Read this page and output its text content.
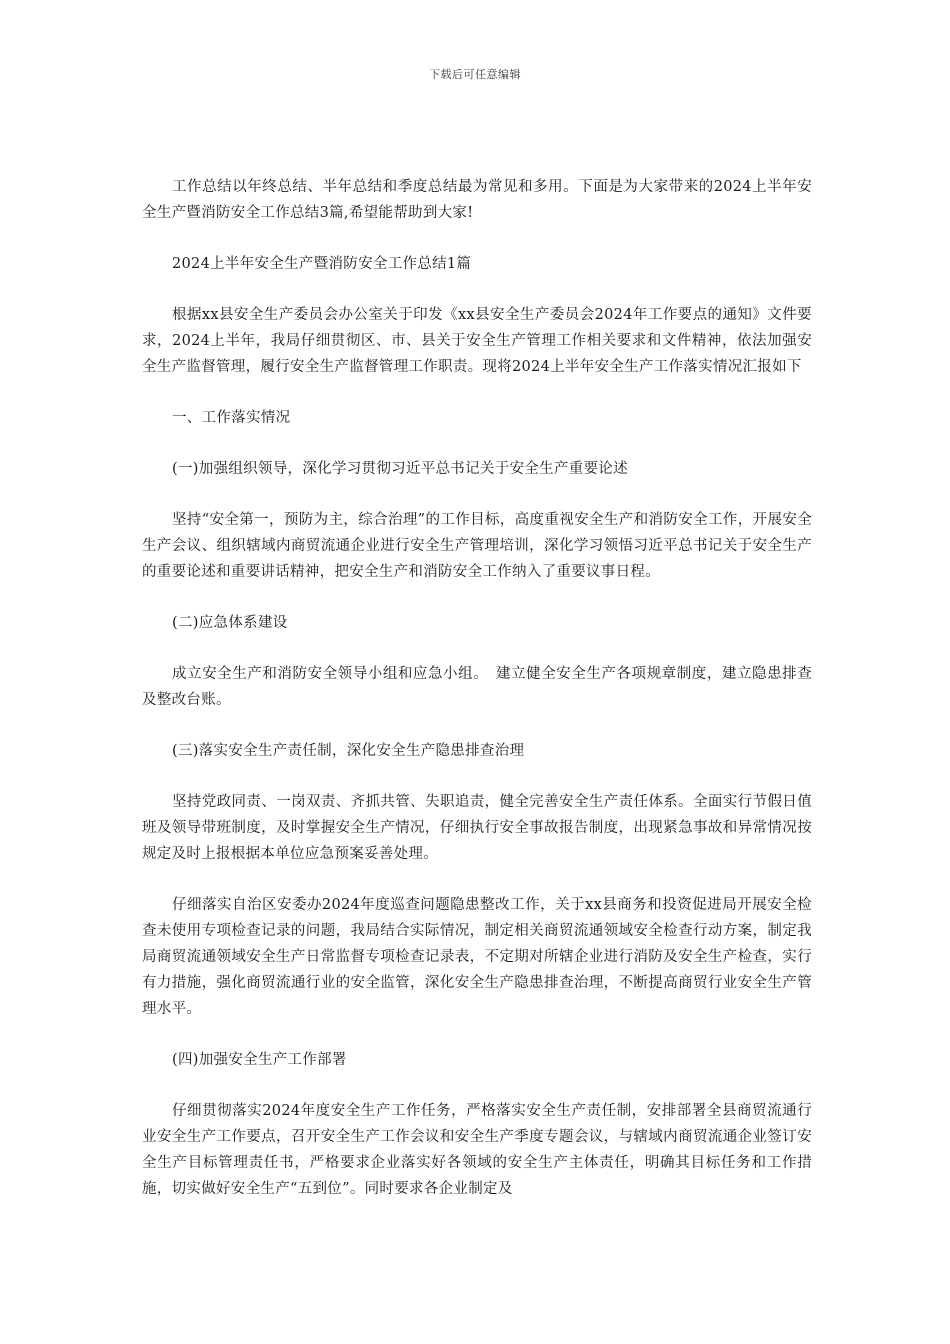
下载后可任意编辑

工作总结以年终总结、半年总结和季度总结最为常见和多用。下面是为大家带来的2024上半年安全生产暨消防安全工作总结3篇,希望能帮助到大家!

2024上半年安全生产暨消防安全工作总结1篇

根据xx县安全生产委员会办公室关于印发《xx县安全生产委员会2024年工作要点的通知》文件要求，2024上半年，我局仔细贯彻区、市、县关于安全生产管理工作相关要求和文件精神，依法加强安全生产监督管理，履行安全生产监督管理工作职责。现将2024上半年安全生产工作落实情况汇报如下

一、工作落实情况

(一)加强组织领导，深化学习贯彻习近平总书记关于安全生产重要论述

坚持“安全第一，预防为主，综合治理”的工作目标，高度重视安全生产和消防安全工作，开展安全生产会议、组织辖域内商贸流通企业进行安全生产管理培训，深化学习领悟习近平总书记关于安全生产的重要论述和重要讲话精神，把安全生产和消防安全工作纳入了重要议事日程。

(二)应急体系建设

成立安全生产和消防安全领导小组和应急小组。　建立健全安全生产各项规章制度，建立隐患排查及整改台账。

(三)落实安全生产责任制，深化安全生产隐患排查治理

坚持党政同责、一岗双责、齐抓共管、失职追责，健全完善安全生产责任体系。全面实行节假日值班及领导带班制度，及时掌握安全生产情况，仔细执行安全事故报告制度，出现紧急事故和异常情况按规定及时上报根据本单位应急预案妥善处理。

仔细落实自治区安委办2024年度巡查问题隐患整改工作，关于xx县商务和投资促进局开展安全检查未使用专项检查记录的问题，我局结合实际情况，制定相关商贸流通领域安全检查行动方案，制定我局商贸流通领域安全生产日常监督专项检查记录表，不定期对所辖企业进行消防及安全生产检查，实行有力措施，强化商贸流通行业的安全监管，深化安全生产隐患排查治理，不断提高商贸行业安全生产管理水平。

(四)加强安全生产工作部署

仔细贯彻落实2024年度安全生产工作任务，严格落实安全生产责任制，安排部署全县商贸流通行业安全生产工作要点，召开安全生产工作会议和安全生产季度专题会议，与辖域内商贸流通企业签订安全生产目标管理责任书，严格要求企业落实好各领域的安全生产主体责任，明确其目标任务和工作措施，切实做好安全生产“五到位”。同时要求各企业制定及
